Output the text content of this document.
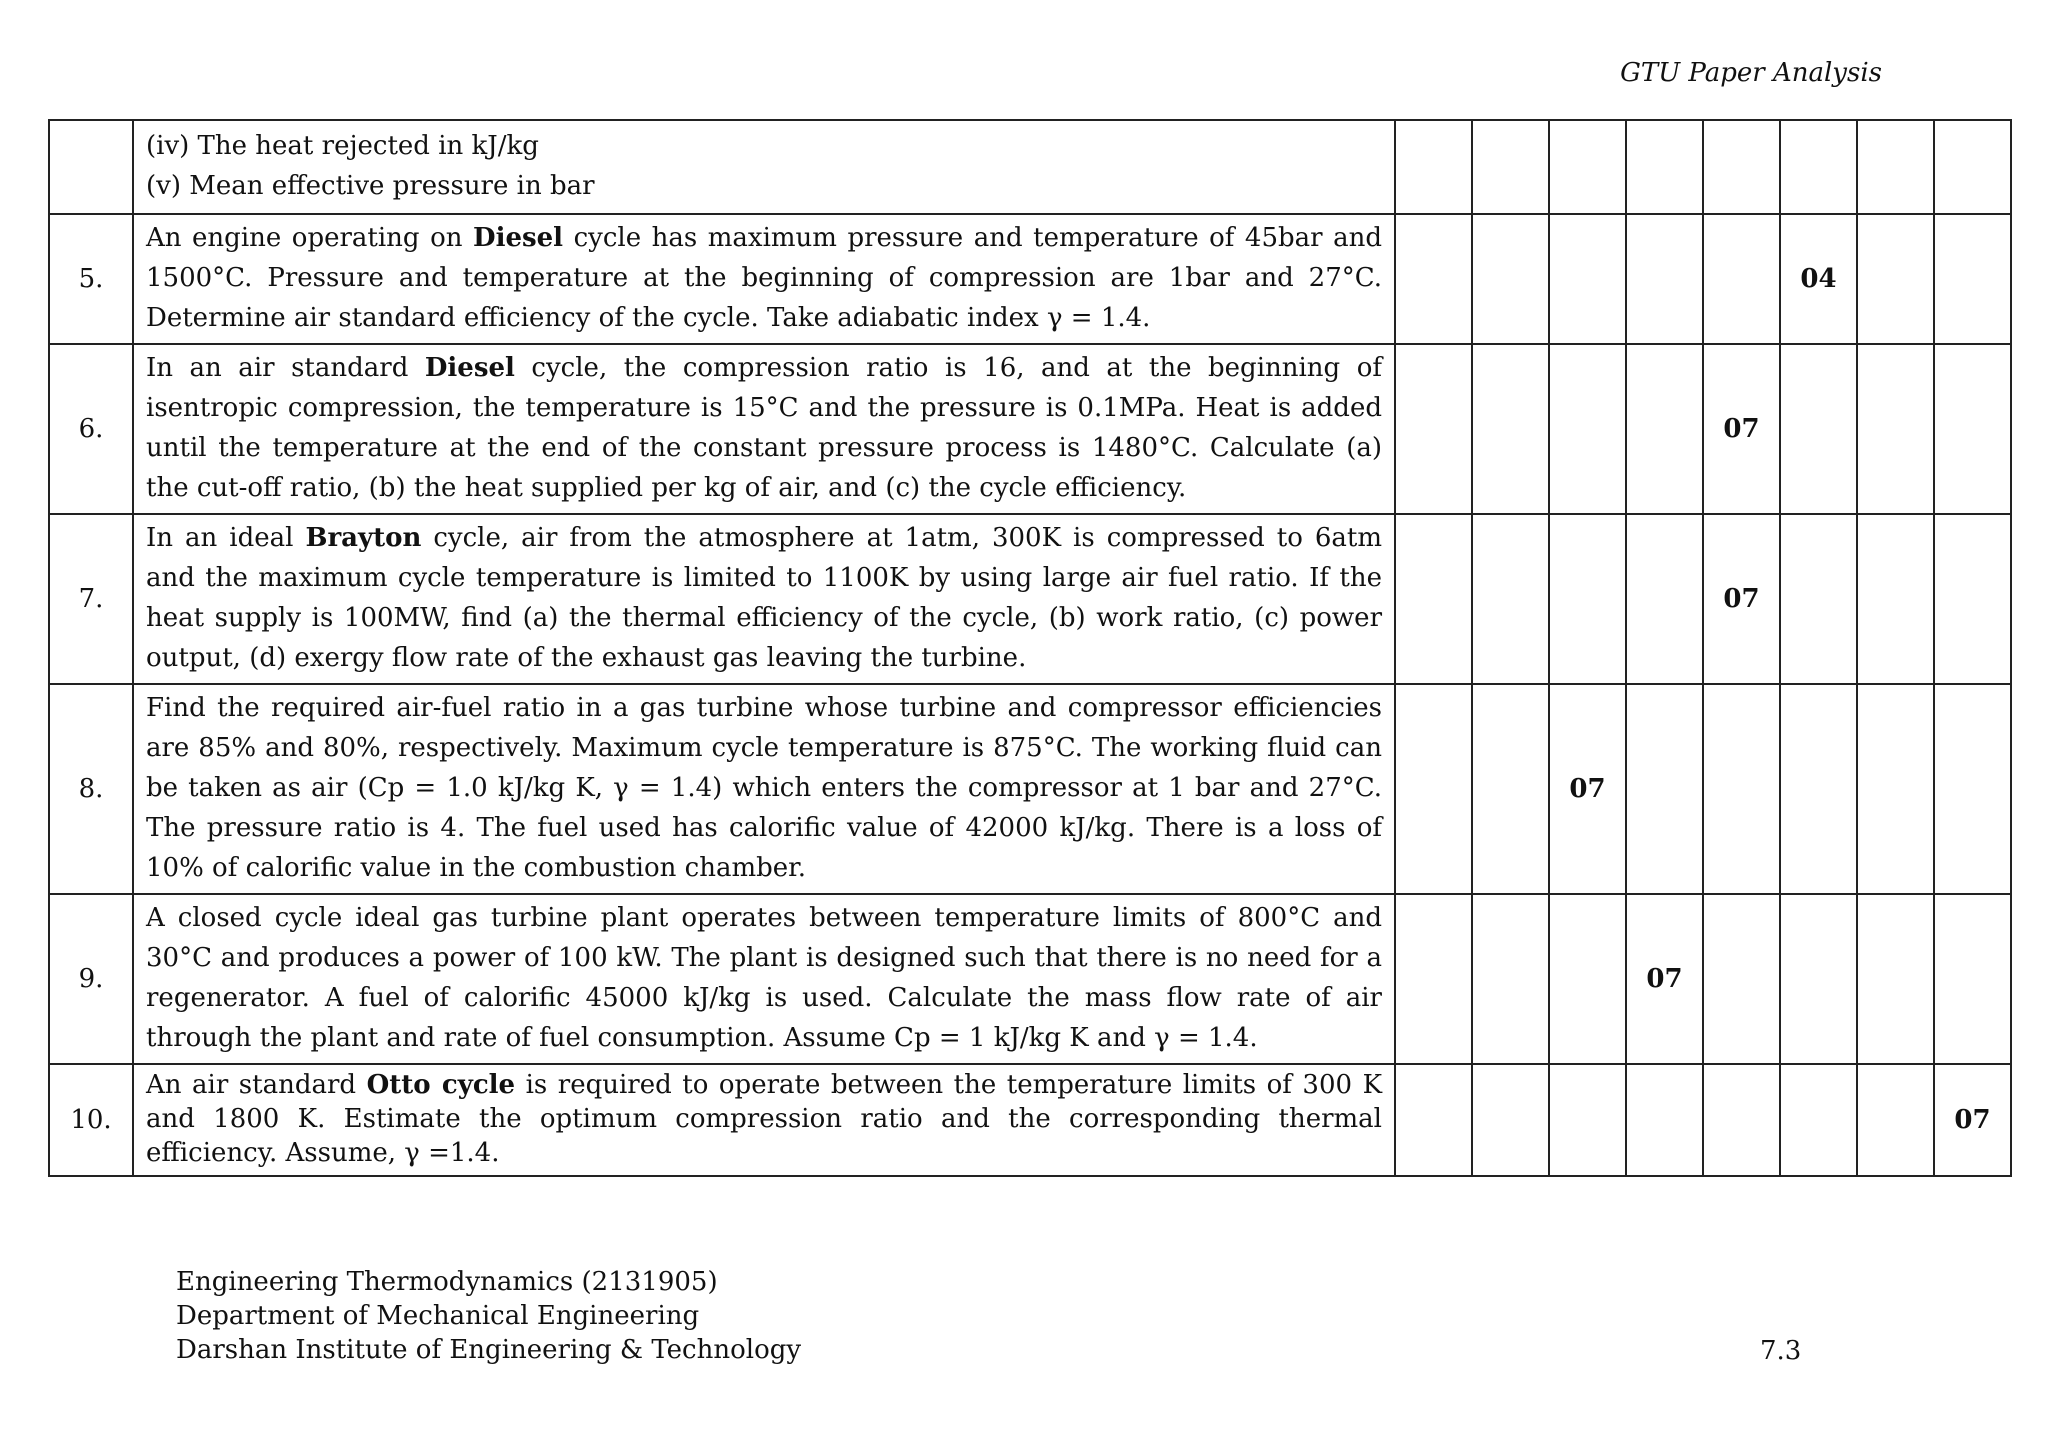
GTU Paper Analysis

	(iv) The heat rejected in kJ/kg
(v) Mean effective pressure in bar								

5.	An engine operating on Diesel cycle has maximum pressure and temperature of 45bar and 1500°C. Pressure and temperature at the beginning of compression are 1bar and 27°C. Determine air standard efficiency of the cycle. Take adiabatic index γ = 1.4.						04		
6.	In an air standard Diesel cycle, the compression ratio is 16, and at the beginning of isentropic compression, the temperature is 15°C and the pressure is 0.1MPa. Heat is added until the temperature at the end of the constant pressure process is 1480°C. Calculate (a) the cut-off ratio, (b) the heat supplied per kg of air, and (c) the cycle efficiency.					07			
7.	In an ideal Brayton cycle, air from the atmosphere at 1atm, 300K is compressed to 6atm and the maximum cycle temperature is limited to 1100K by using large air fuel ratio. If the heat supply is 100MW, find (a) the thermal efficiency of the cycle, (b) work ratio, (c) power output, (d) exergy flow rate of the exhaust gas leaving the turbine.					07			
8.	Find the required air-fuel ratio in a gas turbine whose turbine and compressor efficiencies are 85% and 80%, respectively. Maximum cycle temperature is 875°C. The working fluid can be taken as air (Cp = 1.0 kJ/kg K, γ = 1.4) which enters the compressor at 1 bar and 27°C. The pressure ratio is 4. The fuel used has calorific value of 42000 kJ/kg. There is a loss of 10% of calorific value in the combustion chamber.			07					
9.	A closed cycle ideal gas turbine plant operates between temperature limits of 800°C and 30°C and produces a power of 100 kW. The plant is designed such that there is no need for a regenerator. A fuel of calorific 45000 kJ/kg is used. Calculate the mass flow rate of air through the plant and rate of fuel consumption. Assume Cp = 1 kJ/kg K and γ = 1.4.				07				
10.	An air standard Otto cycle is required to operate between the temperature limits of 300 K and 1800 K. Estimate the optimum compression ratio and the corresponding thermal efficiency. Assume, γ =1.4.								07
Engineering Thermodynamics (2131905)
Department of Mechanical Engineering
Darshan Institute of Engineering & Technology	7.3
